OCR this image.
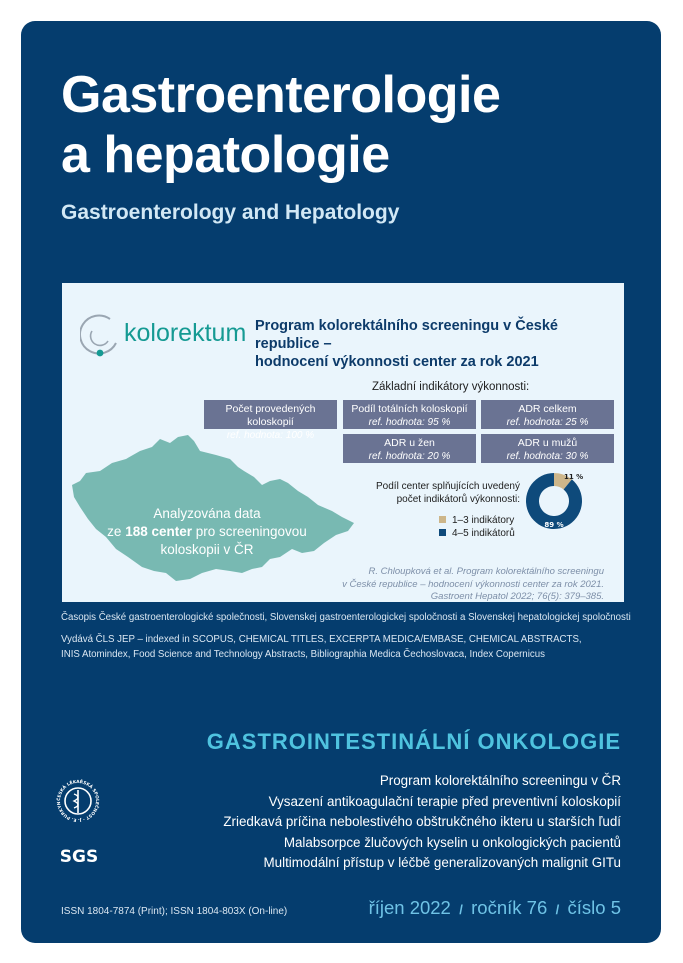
Gastroenterologie
a hepatologie
Gastroenterology and Hepatology
kolorektum Program kolorektálního screeningu v České republice –
hodnocení výkonnosti center za rok 2021
Základní indikátory výkonnosti:
Počet provedených koloskopií
ref. hodnota: 100 %
Podíl totálních koloskopií
ref. hodnota: 95 %
ADR celkem
ref. hodnota: 25 %
ADR u žen
ref. hodnota: 20 %
ADR u mužů
ref. hodnota: 30 %
Analyzována data
ze 188 center pro screeningovou
koloskopii v ČR
Podíl center splňujících uvedený
počet indikátorů výkonnosti:
1–3 indikátory
4–5 indikátorů
11 %
89 %
R. Chloupková et al. Program kolorektálního screeningu
v České republice – hodnocení výkonnosti center za rok 2021.
Gastroent Hepatol 2022; 76(5): 379–385.
Časopis České gastroenterologické společnosti, Slovenskej gastroenterologickej spoločnosti a Slovenskej hepatologickej spoločnosti
Vydává ČLS JEP – indexed in SCOPUS, CHEMICAL TITLES, EXCERPTA MEDICA/EMBASE, CHEMICAL ABSTRACTS,
INIS Atomindex, Food Science and Technology Abstracts, Bibliographia Medica Čechoslovaca, Index Copernicus
GASTROINTESTINÁLNÍ ONKOLOGIE
Program kolorektálního screeningu v ČR
Vysazení antikoagulační terapie před preventivní koloskopií
Zriedkavá príčina nebolestivého obštrukčného ikteru u starších ľudí
Malabsorpce žlučových kyselin u onkologických pacientů
Multimodální přístup v léčbě generalizovaných malignit GITu
ČESKÁ LÉKAŘSKÁ SPOLEČNOST · J. E. PURKYN
SGS
ISSN 1804-7874 (Print); ISSN 1804-803X (On-line)	říjen 2022 / ročník 76 / číslo 5
